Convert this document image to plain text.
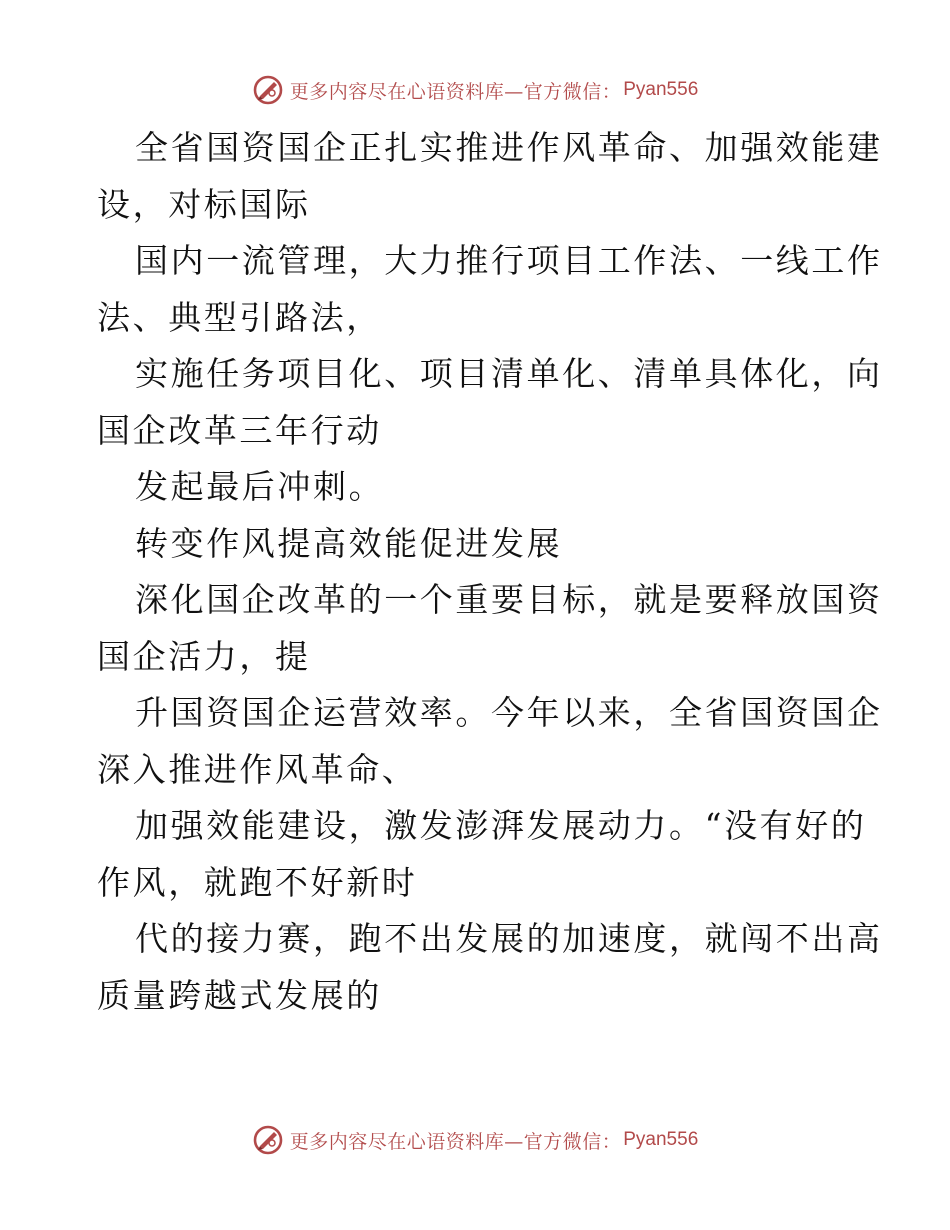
更多内容尽在心语资料库—官方微信： Pyan556
全省国资国企正扎实推进作风革命、加强效能建
设，对标国际
国内一流管理，大力推行项目工作法、一线工作
法、典型引路法，
实施任务项目化、项目清单化、清单具体化，向
国企改革三年行动
发起最后冲刺。
转变作风提高效能促进发展
深化国企改革的一个重要目标，就是要释放国资
国企活力，提
升国资国企运营效率。今年以来，全省国资国企
深入推进作风革命、
加强效能建设，激发澎湃发展动力。“没有好的
作风，就跑不好新时
代的接力赛，跑不出发展的加速度，就闯不出高
质量跨越式发展的
更多内容尽在心语资料库—官方微信： Pyan556
